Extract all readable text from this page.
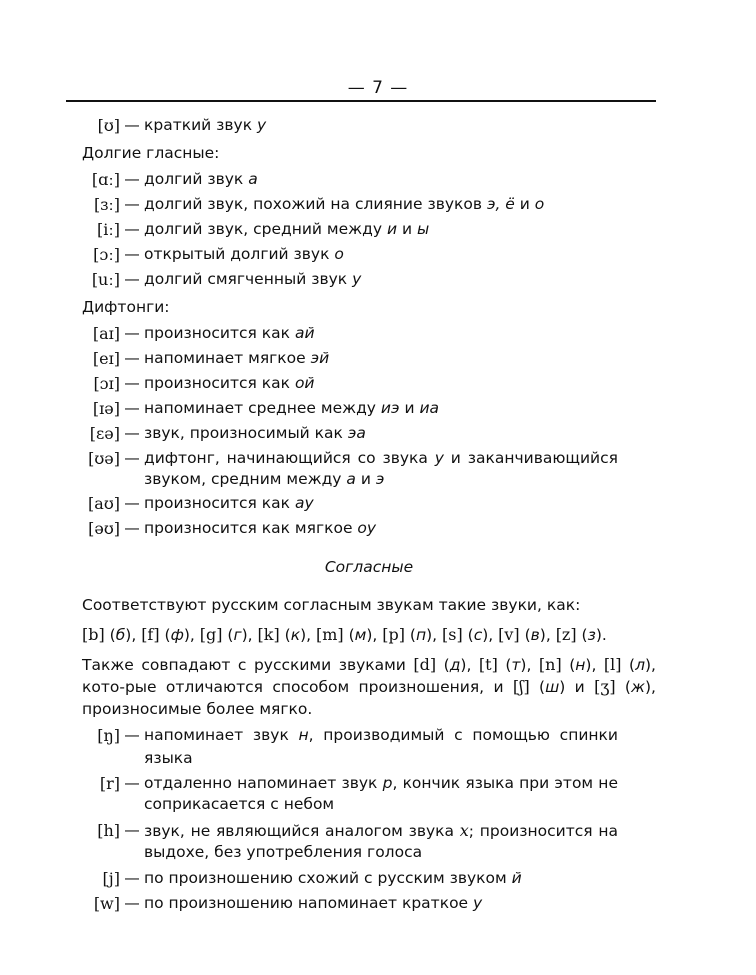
— 7 —
[ʊ] — краткий звук у
Долгие гласные:
[ɑː] — долгий звук а
[ɜː] — долгий звук, похожий на слияние звуков э, ё и о
[iː] — долгий звук, средний между и и ы
[ɔː] — открытый долгий звук о
[uː] — долгий смягченный звук у
Дифтонги:
[aɪ] — произносится как ай
[eɪ] — напоминает мягкое эй
[ɔɪ] — произносится как ой
[ɪə] — напоминает среднее между иэ и иа
[ɛə] — звук, произносимый как эа
[ʊə] — дифтонг, начинающийся со звука у и заканчивающийся звуком, средним между а и э
[aʊ] — произносится как ау
[əʊ] — произносится как мягкое оу
Согласные
Соответствуют русским согласным звукам такие звуки, как:
[b] (б), [f] (ф), [g] (г), [k] (к), [m] (м), [p] (п), [s] (с), [v] (в), [z] (з).
Также совпадают с русскими звуками [d] (д), [t] (т), [n] (н), [l] (л), кото-рые отличаются способом произношения, и [ʃ] (ш) и [ʒ] (ж), произносимые более мягко.
[ŋ] — напоминает звук н, производимый с помощью спинки языка
[r] — отдаленно напоминает звук р, кончик языка при этом не соприкасается с небом
[h] — звук, не являющийся аналогом звука x; произносится на выдохе, без употребления голоса
[j] — по произношению схожий с русским звуком й
[w] — по произношению напоминает краткое у
